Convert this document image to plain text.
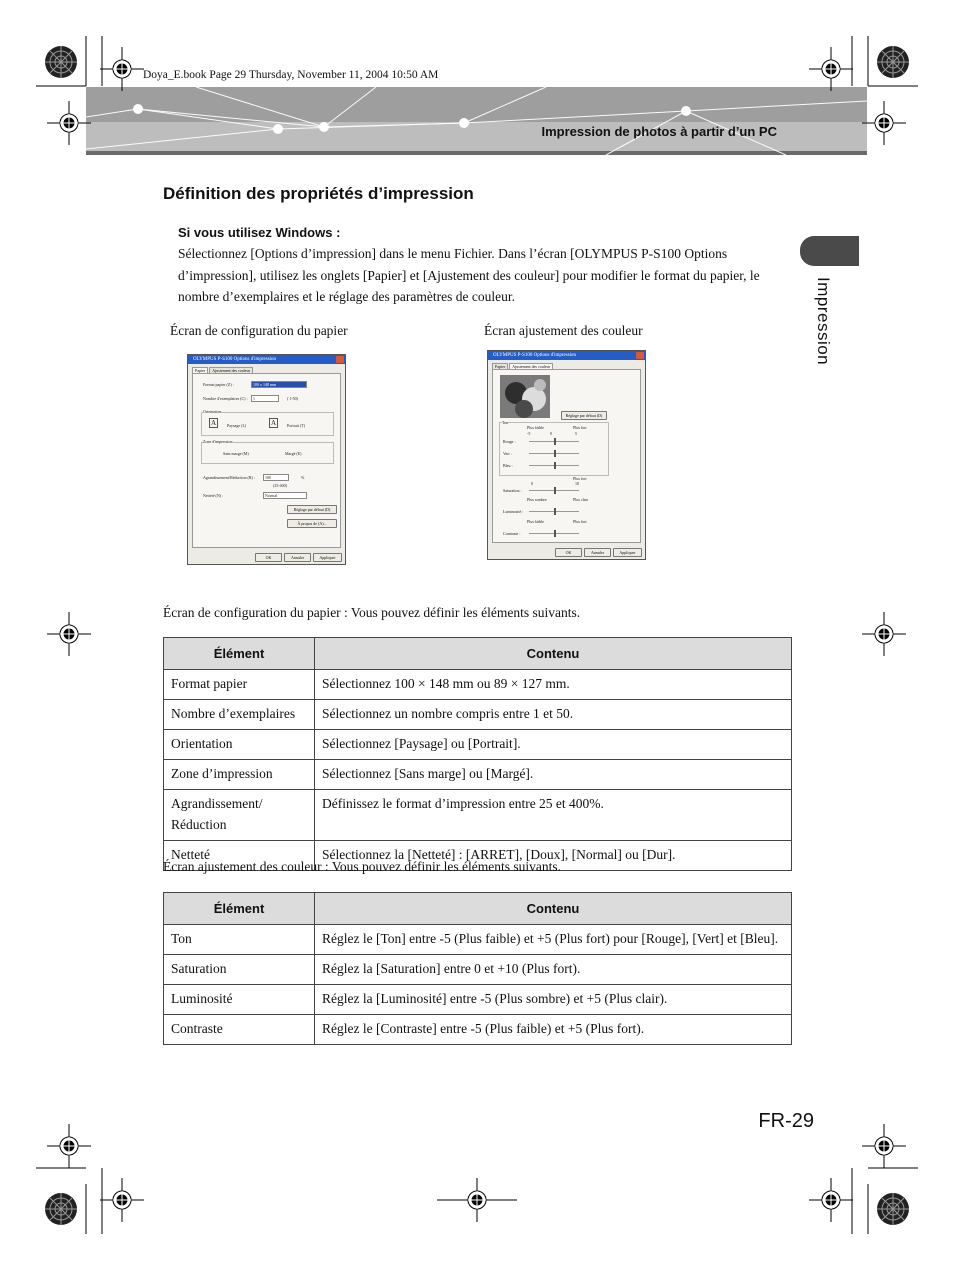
Doya_E.book Page 29 Thursday, November 11, 2004 10:50 AM
Impression de photos à partir d’un PC
Impression
Définition des propriétés d’impression
Si vous utilisez Windows :
Sélectionnez [Options d’impression] dans le menu Fichier. Dans l’écran [OLYMPUS P-S100 Options d’impression], utilisez les onglets [Papier] et [Ajustement des couleur] pour modifier le format du papier, le nombre d’exemplaires et le réglage des paramètres de couleur.
Écran de configuration du papier	Écran ajustement des couleur
OLYMPUS P-S100 Options d'impression
Papier Ajustement des couleur
Format papier (Z) :	100 x 148 mm
Nombre d'exemplaires (C) : 1	( 1-50)
Orientation
A	Paysage (L)	A	Portrait (T)
Zone d'impression
Sans marge (M)	Margé (E)
Agrandissement/Réduction (R) :	100	%
(25-400)
Netteté (N) :	Normal
Réglage par défaut (D)
À propos de (A)...
OK	Annuler	Appliquer
OLYMPUS P-S100 Options d'impression
Papier Ajustement des couleur
Réglage par défaut (D)
Ton
Plus faible	Plus fort
-5	0	5
Rouge :
Vert :
Bleu :
Plus fort
0	10
Saturation :
Plus sombre	Plus clair
Luminosité :
Plus faible	Plus fort
Contraste :
OK	Annuler	Appliquer
Écran de configuration du papier : Vous pouvez définir les éléments suivants.
Élément	Contenu
Format papier	Sélectionnez 100 × 148 mm ou 89 × 127 mm.
Nombre d’exemplaires	Sélectionnez un nombre compris entre 1 et 50.
Orientation	Sélectionnez [Paysage] ou [Portrait].
Zone d’impression	Sélectionnez [Sans marge] ou [Margé].
Agrandissement/ Réduction	Définissez le format d’impression entre 25 et 400%.
Netteté	Sélectionnez la [Netteté] : [ARRET], [Doux], [Normal] ou [Dur].
Écran ajustement des couleur : Vous pouvez définir les éléments suivants.
Élément	Contenu
Ton	Réglez le [Ton] entre -5 (Plus faible) et +5 (Plus fort) pour [Rouge], [Vert] et [Bleu].
Saturation	Réglez la [Saturation] entre 0 et +10 (Plus fort).
Luminosité	Réglez la [Luminosité] entre -5 (Plus sombre) et +5 (Plus clair).
Contraste	Réglez le [Contraste] entre -5 (Plus faible) et +5 (Plus fort).
FR-29
